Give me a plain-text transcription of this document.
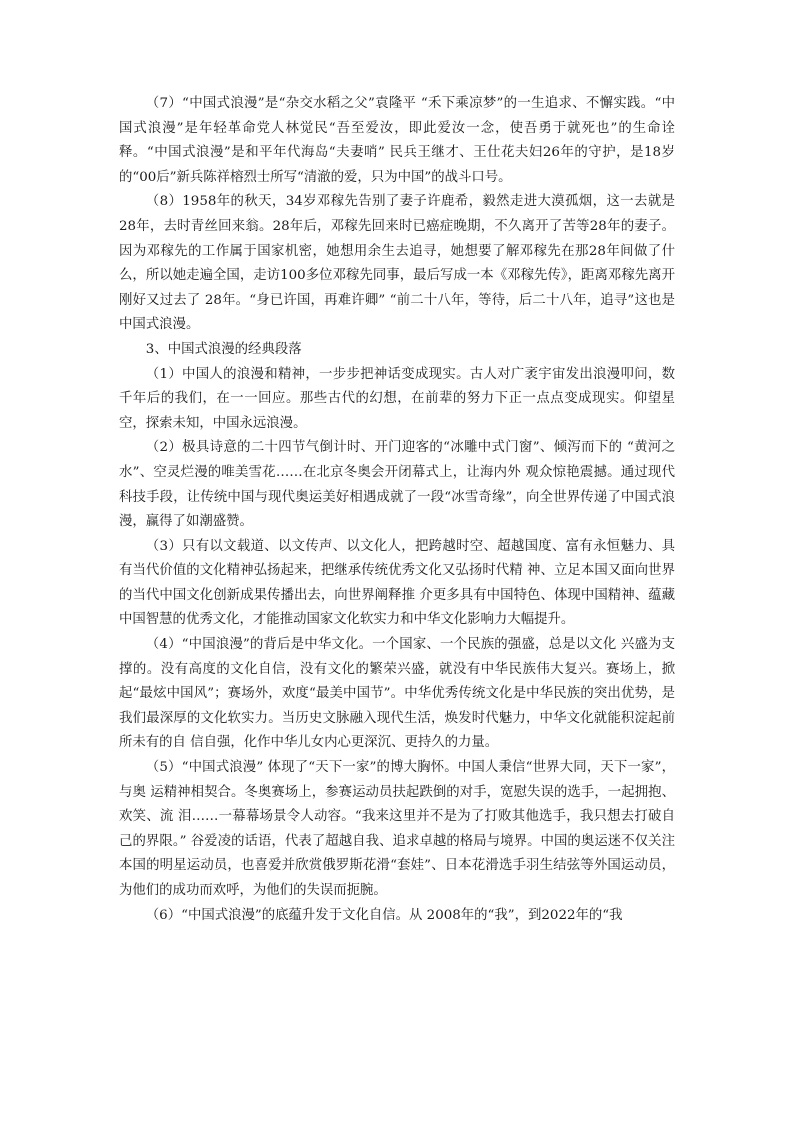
（7）“中国式浪漫”是“杂交水稻之父”袁隆平 “禾下乘凉梦”的一生追求、不懈实践。“中国式浪漫”是年轻革命党人林觉民“吾至爱汝，即此爱汝一念，使吾勇于就死也”的生命诠释。“中国式浪漫”是和平年代海岛“夫妻哨” 民兵王继才、王仕花夫妇26年的守护，是18岁的“00后”新兵陈祥榕烈士所写“清澈的爱，只为中国”的战斗口号。

（8）1958年的秋天，34岁邓稼先告别了妻子许鹿希，毅然走进大漠孤烟，这一去就是28年，去时青丝回来翁。28年后，邓稼先回来时已癌症晚期，不久离开了苦等28年的妻子。因为邓稼先的工作属于国家机密，她想用余生去追寻，她想要了解邓稼先在那28年间做了什么，所以她走遍全国，走访100多位邓稼先同事，最后写成一本《邓稼先传》，距离邓稼先离开刚好又过去了 28年。“身已许国，再难许卿” “前二十八年，等待，后二十八年，追寻”这也是中国式浪漫。

3、中国式浪漫的经典段落

（1）中国人的浪漫和精神，一步步把神话变成现实。古人对广袤宇宙发出浪漫叩问，数千年后的我们，在一一回应。那些古代的幻想，在前辈的努力下正一点点变成现实。仰望星空，探索未知，中国永远浪漫。

（2）极具诗意的二十四节气倒计时、开门迎客的“冰雕中式门窗”、倾泻而下的 “黄河之水”、空灵烂漫的唯美雪花……在北京冬奥会开闭幕式上，让海内外 观众惊艳震撼。通过现代科技手段，让传统中国与现代奥运美好相遇成就了一段“冰雪奇缘”，向全世界传递了中国式浪漫，赢得了如潮盛赞。

（3）只有以文载道、以文传声、以文化人，把跨越时空、超越国度、富有永恒魅力、具有当代价值的文化精神弘扬起来，把继承传统优秀文化又弘扬时代精 神、立足本国又面向世界的当代中国文化创新成果传播出去，向世界阐释推 介更多具有中国特色、体现中国精神、蕴藏中国智慧的优秀文化，才能推动国家文化软实力和中华文化影响力大幅提升。

（4）“中国浪漫”的背后是中华文化。一个国家、一个民族的强盛，总是以文化 兴盛为支撑的。没有高度的文化自信，没有文化的繁荣兴盛，就没有中华民族伟大复兴。赛场上，掀起“最炫中国风”；赛场外，欢度“最美中国节”。中华优秀传统文化是中华民族的突出优势，是我们最深厚的文化软实力。当历史文脉融入现代生活，焕发时代魅力，中华文化就能积淀起前所未有的自 信自强，化作中华儿女内心更深沉、更持久的力量。

（5）“中国式浪漫” 体现了“天下一家”的博大胸怀。中国人秉信“世界大同，天下一家”，与奥 运精神相契合。冬奥赛场上，参赛运动员扶起跌倒的对手，宽慰失误的选手，一起拥抱、欢笑、流 泪……一幕幕场景令人动容。“我来这里并不是为了打败其他选手，我只想去打破自己的界限。” 谷爱凌的话语，代表了超越自我、追求卓越的格局与境界。中国的奥运迷不仅关注本国的明星运动员，也喜爱并欣赏俄罗斯花滑“套娃”、日本花滑选手羽生结弦等外国运动员，为他们的成功而欢呼，为他们的失误而扼腕。

（6）“中国式浪漫”的底蕴升发于文化自信。从 2008年的“我”，到2022年的“我
